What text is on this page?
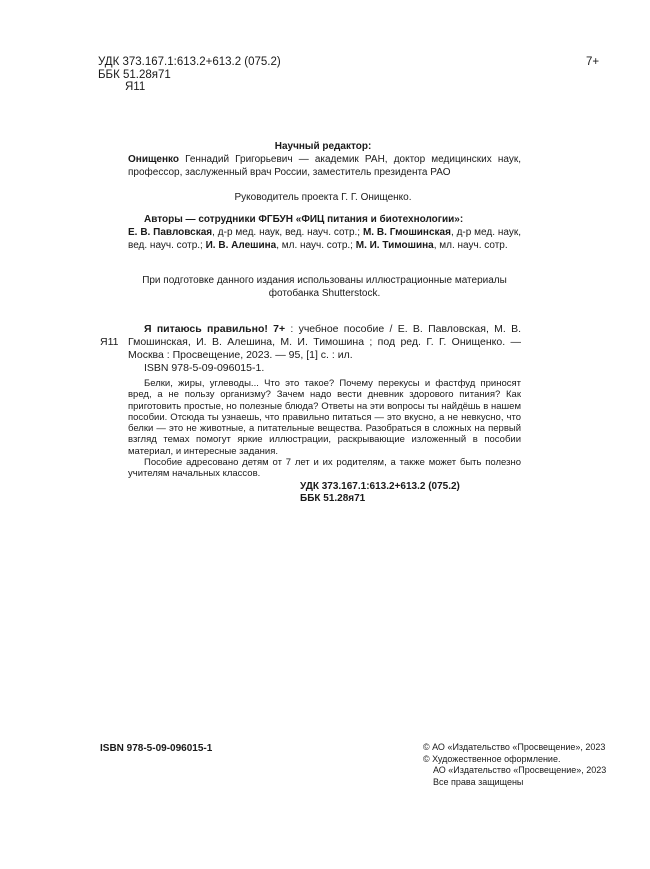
УДК 373.167.1:613.2+613.2 (075.2)
ББК 51.28я71
Я11
7+
Научный редактор:
Онищенко Геннадий Григорьевич — академик РАН, доктор медицинских наук, профессор, заслуженный врач России, заместитель президента РАО
Руководитель проекта Г. Г. Онищенко.
Авторы — сотрудники ФГБУН «ФИЦ питания и биотехнологии»:
Е. В. Павловская, д-р мед. наук, вед. науч. сотр.; М. В. Гмошинская, д-р мед. наук, вед. науч. сотр.; И. В. Алешина, мл. науч. сотр.; М. И. Тимошина, мл. науч. сотр.
При подготовке данного издания использованы иллюстрационные материалы фотобанка Shutterstock.
Я11
Я питаюсь правильно! 7+ : учебное пособие / Е. В. Павловская, М. В. Гмошинская, И. В. Алешина, М. И. Тимошина ; под ред. Г. Г. Онищенко. — Москва : Просвещение, 2023. — 95, [1] с. : ил.
ISBN 978-5-09-096015-1.

Белки, жиры, углеводы... Что это такое? Почему перекусы и фастфуд приносят вред, а не пользу организму? Зачем надо вести дневник здорового питания? Как приготовить простые, но полезные блюда? Ответы на эти вопросы ты найдёшь в нашем пособии. Отсюда ты узнаешь, что правильно питаться — это вкусно, а не невкусно, что белки — это не животные, а питательные вещества. Разобраться в сложных на первый взгляд темах помогут яркие иллюстрации, раскрывающие изложенный в пособии материал, и интересные задания.

Пособие адресовано детям от 7 лет и их родителям, а также может быть полезно учителям начальных классов.

УДК 373.167.1:613.2+613.2 (075.2)
ББК 51.28я71
ISBN 978-5-09-096015-1	© АО «Издательство «Просвещение», 2023
© Художественное оформление.
АО «Издательство «Просвещение», 2023
Все права защищены
